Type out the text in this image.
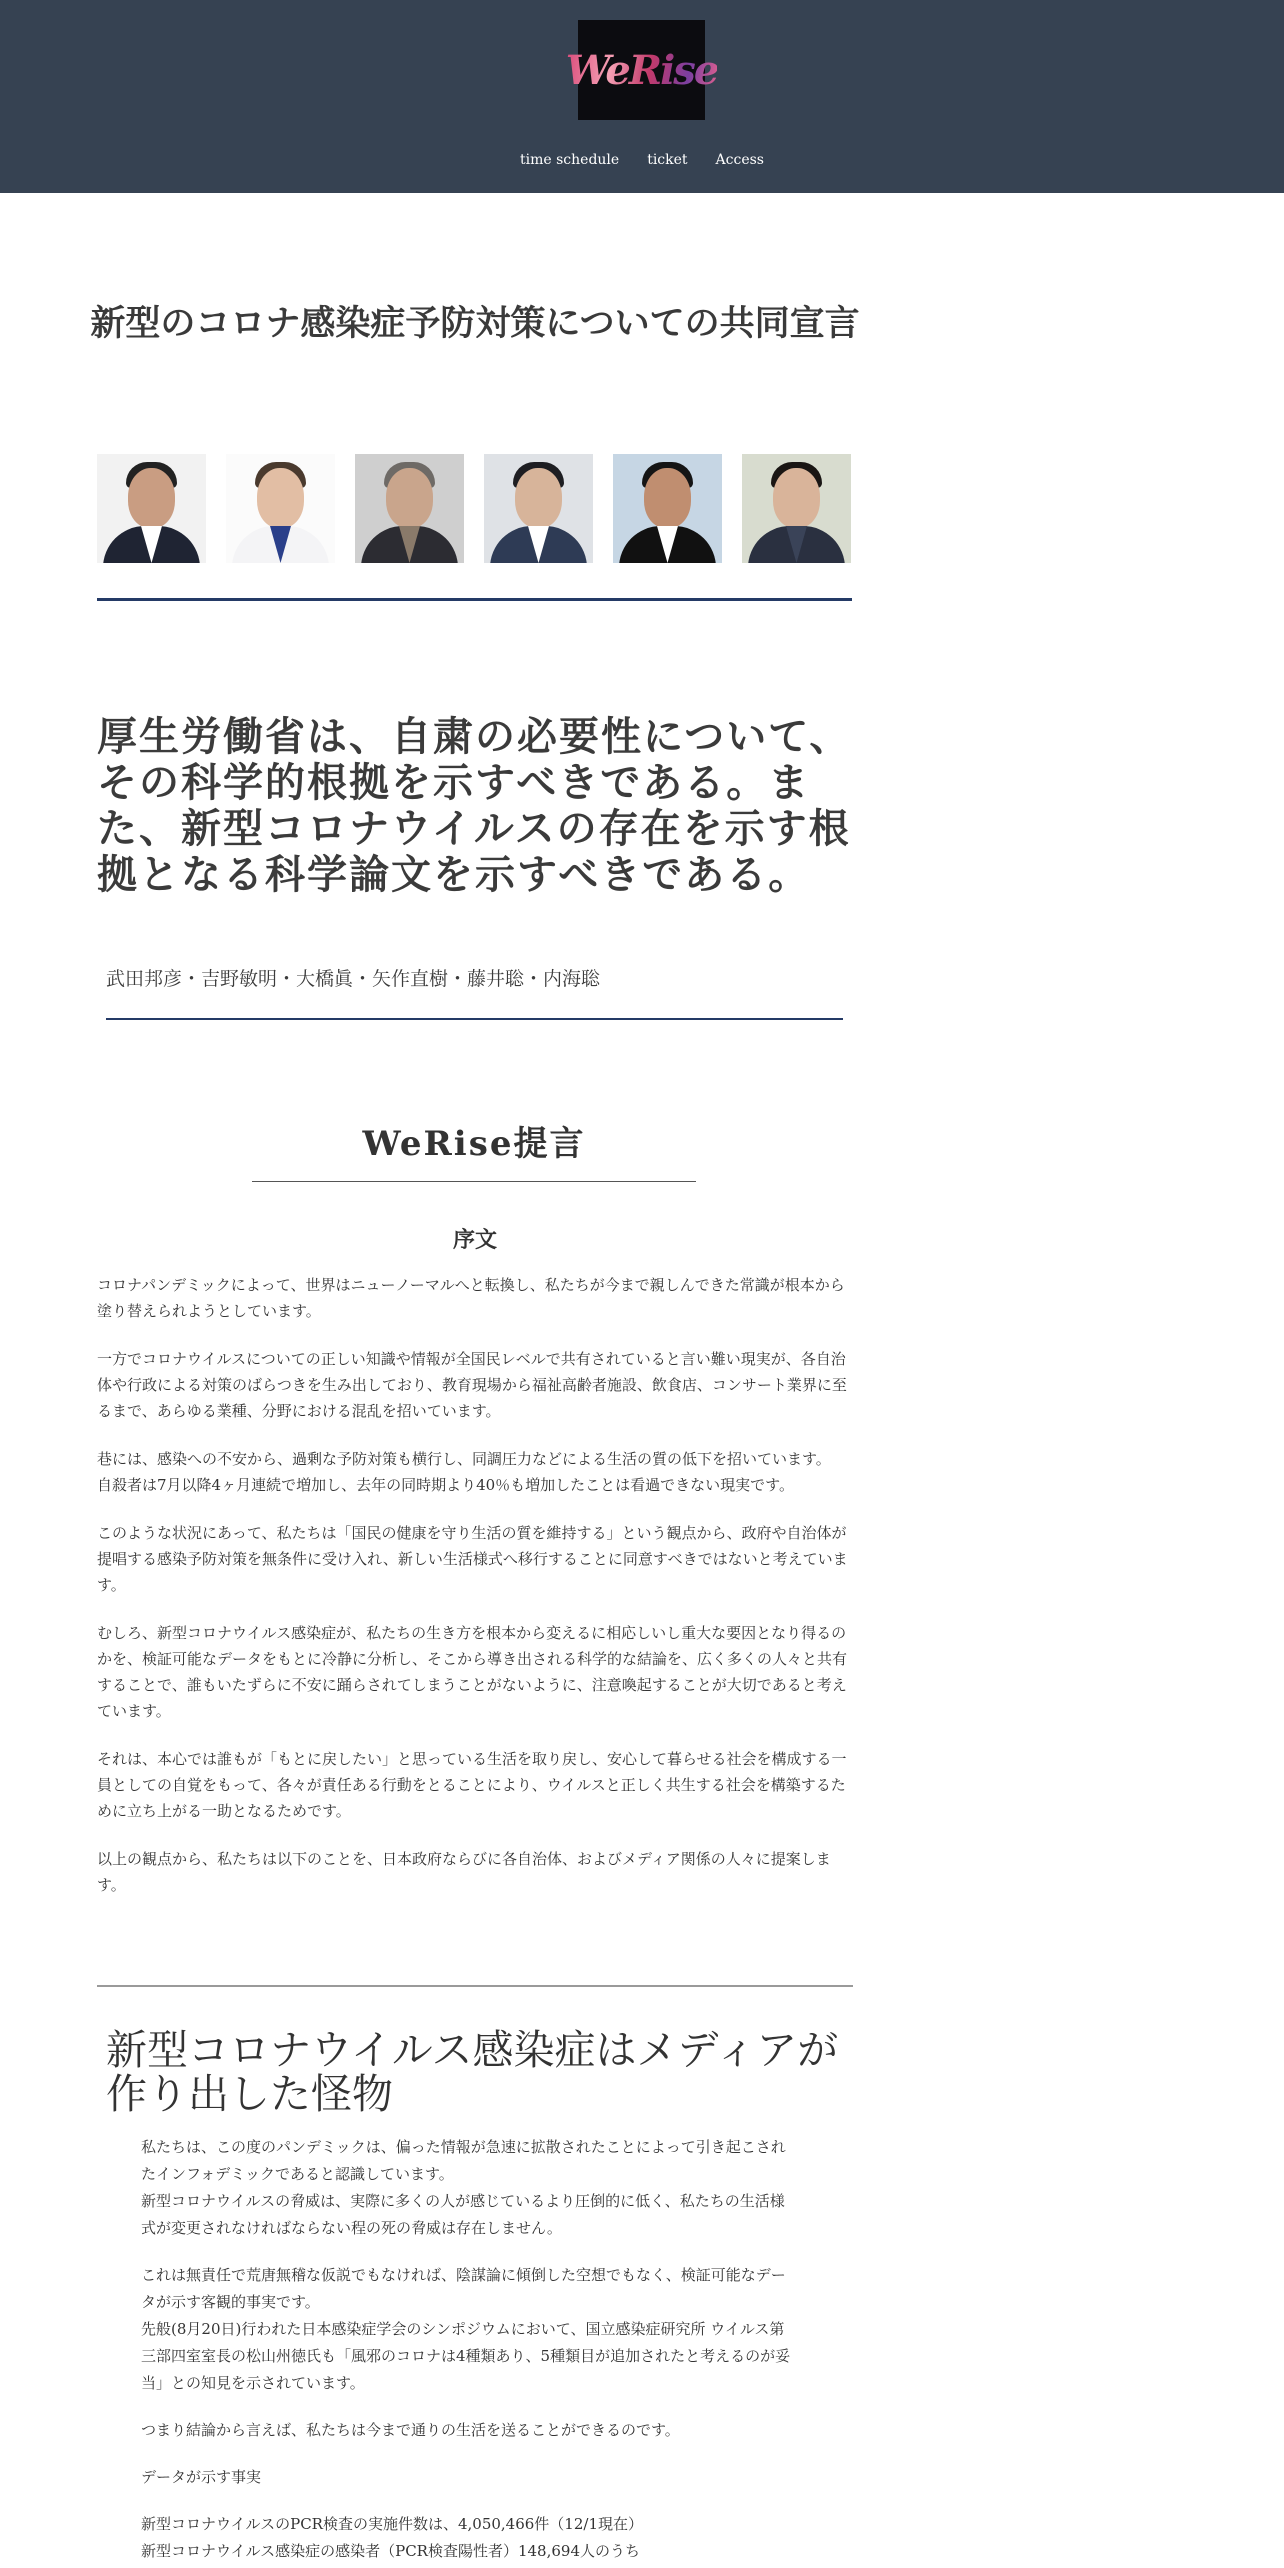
WeRise
time schedule ticket Access
新型のコロナ感染症予防対策についての共同宣言
厚生労働省は、自粛の必要性について、その科学的根拠を示すべきである。また、新型コロナウイルスの存在を示す根拠となる科学論文を示すべきである。
武田邦彦・吉野敏明・大橋眞・矢作直樹・藤井聡・内海聡
WeRise提言
序文

コロナパンデミックによって、世界はニューノーマルへと転換し、私たちが今まで親しんできた常識が根本から塗り替えられようとしています。

一方でコロナウイルスについての正しい知識や情報が全国民レベルで共有されていると言い難い現実が、各自治体や行政による対策のばらつきを生み出しており、教育現場から福祉高齢者施設、飲食店、コンサート業界に至るまで、あらゆる業種、分野における混乱を招いています。

巷には、感染への不安から、過剰な予防対策も横行し、同調圧力などによる生活の質の低下を招いています。
自殺者は7月以降4ヶ月連続で増加し、去年の同時期より40％も増加したことは看過できない現実です。

このような状況にあって、私たちは「国民の健康を守り生活の質を維持する」という観点から、政府や自治体が提唱する感染予防対策を無条件に受け入れ、新しい生活様式へ移行することに同意すべきではないと考えています。

むしろ、新型コロナウイルス感染症が、私たちの生き方を根本から変えるに相応しいし重大な要因となり得るのかを、検証可能なデータをもとに冷静に分析し、そこから導き出される科学的な結論を、広く多くの人々と共有することで、誰もいたずらに不安に踊らされてしまうことがないように、注意喚起することが大切であると考えています。

それは、本心では誰もが「もとに戻したい」と思っている生活を取り戻し、安心して暮らせる社会を構成する一員としての自覚をもって、各々が責任ある行動をとることにより、ウイルスと正しく共生する社会を構築するために立ち上がる一助となるためです。

以上の観点から、私たちは以下のことを、日本政府ならびに各自治体、およびメディア関係の人々に提案します。

新型コロナウイルス感染症はメディアが作り出した怪物

私たちは、この度のパンデミックは、偏った情報が急速に拡散されたことによって引き起こされたインフォデミックであると認識しています。
新型コロナウイルスの脅威は、実際に多くの人が感じているより圧倒的に低く、私たちの生活様式が変更されなければならない程の死の脅威は存在しません。

これは無責任で荒唐無稽な仮説でもなければ、陰謀論に傾倒した空想でもなく、検証可能なデータが示す客観的事実です。
先般(8月20日)行われた日本感染症学会のシンポジウムにおいて、国立感染症研究所 ウイルス第三部四室室長の松山州徳氏も「風邪のコロナは4種類あり、5種類目が追加されたと考えるのが妥当」との知見を示されています。

つまり結論から言えば、私たちは今まで通りの生活を送ることができるのです。

データが示す事実

新型コロナウイルスのPCR検査の実施件数は、4,050,466件（12/1現在）
新型コロナウイルス感染症の感染者（PCR検査陽性者）148,694人のうち
